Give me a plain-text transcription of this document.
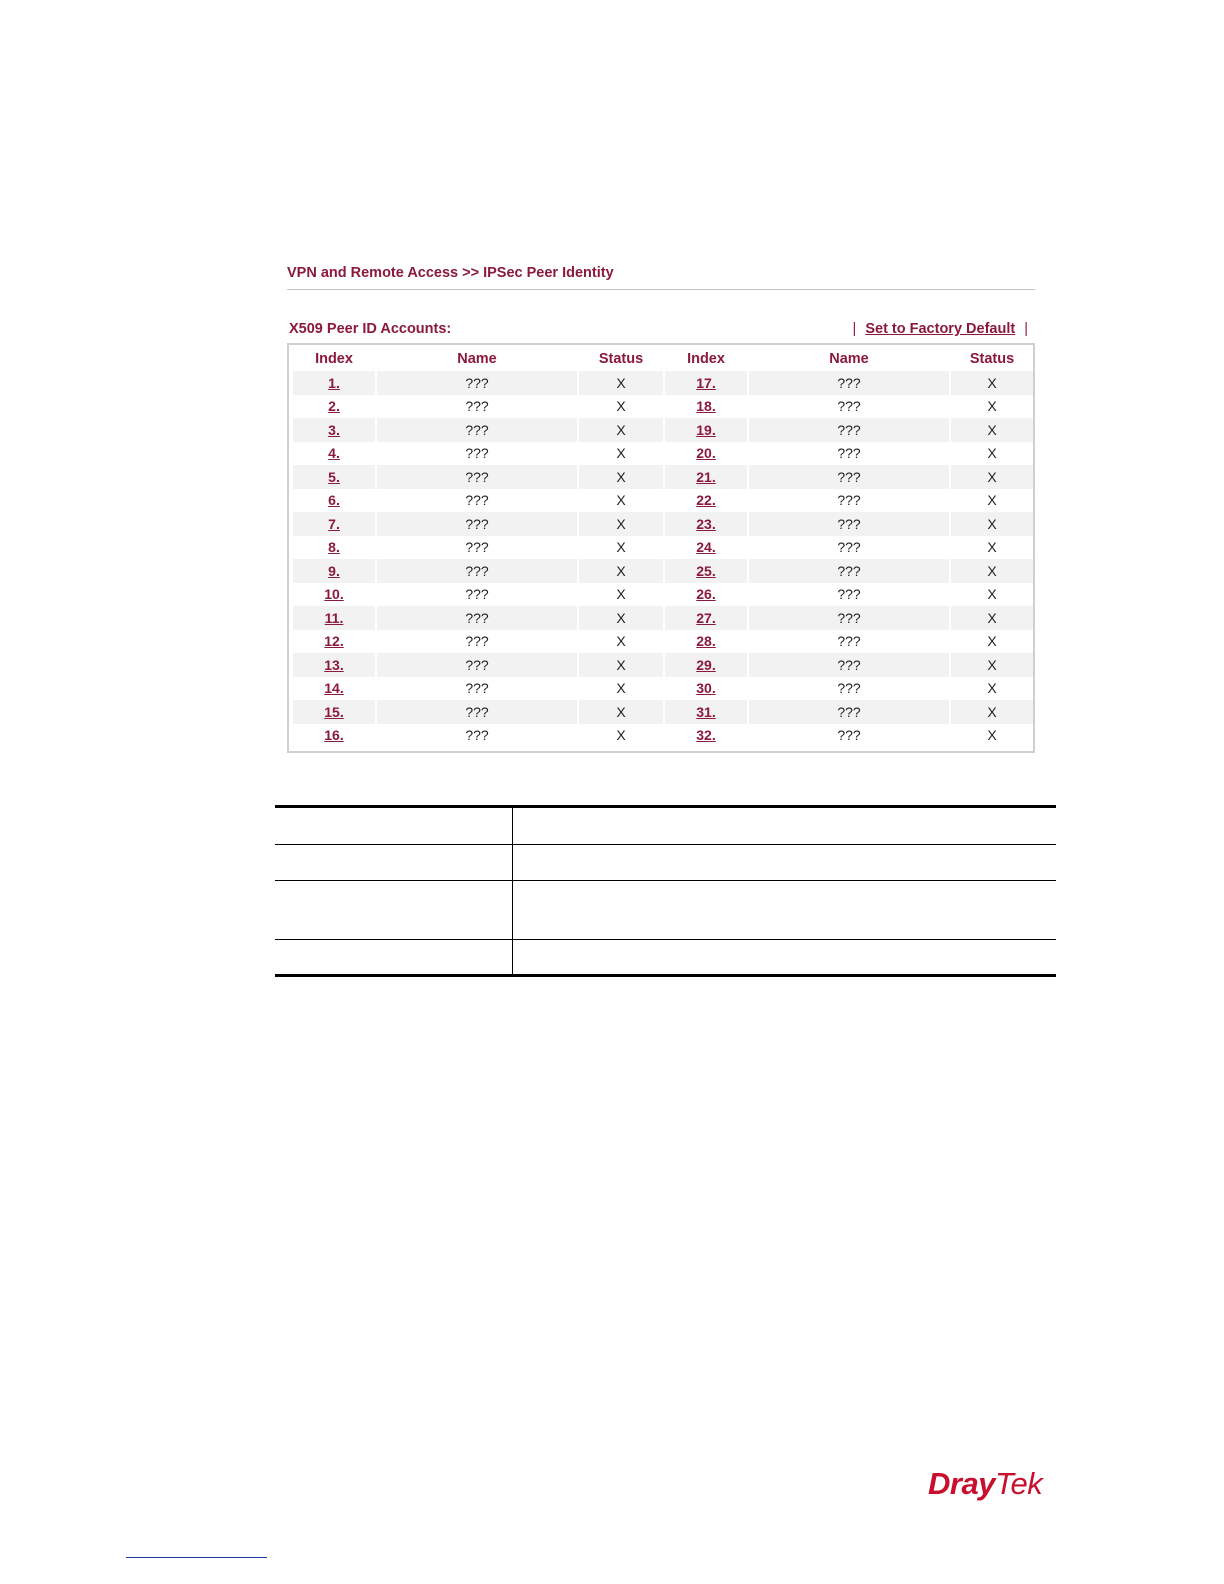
VPN and Remote Access >> IPSec Peer Identity
X509 Peer ID Accounts:	| Set to Factory Default |
Index	Name	Status	Index	Name	Status
1.	???	X	17.	???	X
2.	???	X	18.	???	X
3.	???	X	19.	???	X
4.	???	X	20.	???	X
5.	???	X	21.	???	X
6.	???	X	22.	???	X
7.	???	X	23.	???	X
8.	???	X	24.	???	X
9.	???	X	25.	???	X
10.	???	X	26.	???	X
11.	???	X	27.	???	X
12.	???	X	28.	???	X
13.	???	X	29.	???	X
14.	???	X	30.	???	X
15.	???	X	31.	???	X
16.	???	X	32.	???	X

DrayTek
